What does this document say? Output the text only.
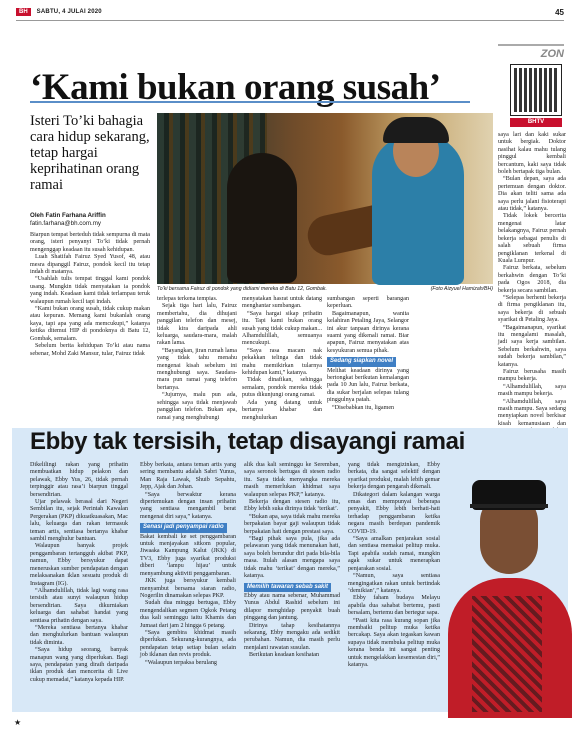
BH	SABTU, 4 JULAI 2020	45
ZON
BHTV
‘Kami bukan orang susah’
Isteri To’ki bahagia cara hidup sekarang, tetap hargai keprihatinan orang ramai
Oleh Fatin Farhana Ariffin
fatin.farhana@bh.com.my
To’ki bersama Fairuz di pondok yang didiami mereka di Batu 12, Gombak.	(Foto Aizyuel Hamizah/BH)

Biarpun tempat berteduh tidak sempurna di mata orang, isteri penyanyi To’ki tidak pernah mengenggap keadaan itu susah kehidupan.

Luah Shatifah Fairuz Syed Yusof, 48, atau mesra dipanggil Fairuz, pondok kecil itu tetap indah di matanya.

“Usahlah tulis tempat tinggal kami pondok usang. Mungkin tidak menyatakan ia pondok yang indah. Keadaan kami tidak terlampau teruk walaupun rumah kecil tapi indah.

“Kami bukan orang susah, tidak cukup makan atau kepuran. Memang kami bukanlah orang kaya, tapi apa yang ada memcukupi,” katanya ketika ditemui HIP di pondoknya di Batu 12, Gombak, semalam.

Sebelum berita kehidupan To’ki atau nama sebenar, Mohd Zaki Mansur, tular, Fairuz tidak

terlepas terkena tempias.

Sejak tiga hari lalu, Fairuz membertahu, dia dihujani panggilan telefon dan mesej, tidak kira daripada ahli keluarga, saudara-mara, malah rakan lama.

“Bayangkan, jiran rumah lama yang tidak tahu menahu mengenai kisah sebelum ini menghubungi saya. Saudara-mara pun ramai yang telefon bertanya.

“Jujurnya, malu pun ada, sehingga saya tidak menjawab panggilan telefon. Bukan apa, ramai yang menghubungi

menyatakan hasrat untuk datang menghantar sumbangan.

“Saya hargai sikap prihatin itu. Tapi kami bukan orang susah yang tidak cukup makan... Alhamdulillah, semuanya mencukupi.

“Saya rasa macam nak pekakkan telinga dan tidak mahu memikirkan tularnya kehidupan kami,” katanya.

Tidak dinafikan, sehingga semalam, pondok mereka tidak putus dikunjungi orang ramai.

Ada yang datang untuk bertanya khabar dan menghulurkan

sumbangan seperti barangan keperluan.

Bagaimanapun, wanita kelahiran Petaling Jaya, Selangor ini akur tanpaan dirinya kerana suami yang dikenali ramai. Biar apapun, Fairuz menyatakan atas kesyukuran semua pihak.

Sedang siapkan novel

Melihat keadaan dirinya yang bertongkat berikutan kemalangan pada 10 Jun lalu, Fairuz berkata, dia sukar berjalan selepas tulang pinggulnya patah.

“Disebabkan itu, ligamen

saya lari dan kaki sukar untuk bergiak. Doktor nasihat kalau mahu tulang pinggul kembali bercantum, kaki saya tidak boleh bertapak tiga bulan.

“Bulan depan, saya ada pertemuan dengan doktor. Dia akan teliti sama ada saya perlu jalani fisioterapi atau tidak,” katanya.

Tidak lokek bercerita mengenai latar belakangnya, Fairuz pernah bekerja sebagai penulis di salah sebuah firma pengiklanan terkenal di Kuala Lumpur.

Fairuz berkata, sebelum berkahwin dengan To’ki pada Ogos 2018, dia bekerja secara sambilan.

“Selepas berhenti bekerja di firma pengiklanan itu, saya bekerja di sebuah syarikat di Petaling Jaya.

“Bagaimanapun, syarikat itu mengalami masalah, jadi saya kerja sambilan. Sebelum berkahwin, saya sudah bekerja sambilan,” katanya.

Fairuz berusaha masih mampu bekerja.

“Alhamdulillah, saya masih mampu bekerja.

“Alhamdulillah, saya masih mampu. Saya sedang menyiapkan novel berkisar kisah kemanusiaan dan

Ebby tak tersisih, tetap disayangi ramai

Dikelilingi rakan yang prihatin membuatkan hidup pelakon dan pelawak, Ebby Yus, 26, tidak pernah terpinggir atau rasa’i biarpun tinggal bersendirian.

Ujar pelawak berasal dari Negeri Sembilan itu, sejak Perintah Kawalan Pergerakan (PKP) dikuatkuasakan, Mac lalu, keluarga dan rakan termasuk teman artis, sentiasa bertanya khabar sambil menghulur bantuan.

Walaupun banyak projek penggambaran tertangguh akibat PKP, namun, Ebby bersyukur dapat meneruskan sumber pendapatan dengan melaksanakan iklan sesuatu produk di Instagram (IG).

“Alhamdulillah, tidak lagi wang rasa tersisih atau sunyi walaupun hidup bersendirian. Saya dikurniakan keluarga dan sahabat handai yang sentiasa prihatin dengan saya.

“Mereka sentiasa bertanya khabar dan menghulurkan bantuan walaupun tidak diminta.

“Saya hidup seorang, banyak manapun wang yang diperlukan. Bagi saya, pendapatan yang diraih daripada iklan produk dan mencerita di Live cukup memadai,” katanya kepada HIP.

Ebby berkata, antara teman artis yang sering membantu adalah Sabri Yunus, Man Raja Lawak, Shuib Sepahtu, Jepp, Ajak dan Johan.

“Saya berwaktur kerana dipertemukan dengan insan prihatin yang sentiasa mengambil berat mengenai diri saya,” katanya.

Senasi jadi penyampai radio

Bakat kembali ke set penggambaran untuk menjayakan sitkom popular, Jiwaaka Kampung Kalut (JKK) di TV3, Ebby juga syarikat produksi diberi ‘lampu hijau’ untuk menyambung aktiviti penggambaran.

JKK juga bersyukur kembali menyambut bersama siaran radio, Nogerilin dinamakan selepas PKP.

Sudah dua minggu bertugas, Ebby mengendalikan segmen Ogkok Petang dua kali seminggu iaitu Khamis dan Jumaat dari jam 2 hingga 6 petang.

“Saya gembira khidmat masih diperlukan. Sekurang-kurangnya, ada pendapatan tetap setiap bulan selain job iklanan dan revis produk.

“Walaupun terpaksa berulang

alik dua kali seminggu ke Seremban, saya seronok bertugas di stesen radio itu. Saya tidak menyangka mereka masih memerlukan khidmat saya walaupun selepas PKP,” katanya.

Bekerja dengan stesen radio itu, Ebby lebih suka dirinya tidak ‘terikat’.

“Bukan apa, saya tidak mahu mereka berpakaian bayar gaji walaupun tidak berpakaian hati dengan prestasi saya.

“Bagi pihak saya pula, jika ada pelawaran yang tidak menunakan hati, saya boleh berundur diri pada bila-bila masa. Itulah alasan mengapa saya tidak mahu ‘terikat’ dengan mereka,” katanya.

Memilih tawaran sebab sakit

Ebby atau nama sebenar, Muhammad Yunus Abdul Rashid sebelum ini dilapor menghidap penyakit buah pinggang dan jantung.

Dirinya tahap kesihatannya sekarang, Ebby mengaku ada sedikit perubahan. Namun, dia masih perlu menjalani rawatan susulan.

Berikutan keadaan kesihatan

yang tidak mengizinkan, Ebby berkata, dia sangat selektif dengan syarikat produksi, malah lebih gemar bekerja dengan pengarah dikenali.

Dikategori dalam kalangan warga emas dan mempunyai beberapa penyakit, Ebby lebih berhati-hati terhadap penggambaran ketika negara masih berdepan pandemik COVID-19.

“Saya amalkan penjarakan sosial dan sentiasa memakai pelitup muka. Tapi apabila sudah ramai, mungkin agak sukar untuk menerapkan penjarakan sosial.

“Namun, saya sentiasa mengingatkan rakan untuk bertindak ‘demikian’,” katanya.

Ebby faham budaya Melayu apabila dua sahabat bertemu, pasti bersalam, bertemu dan bertegur sapa.

“Pasti kita rasa kurang sopan jika membaiki pelitup muka ketika bercakap. Saya akan tegaskan kawan supaya tidak membuka pelitup muka kerana benda ini sangat penting untuk mengelakkan kesemestan diri,” katanya.

★
